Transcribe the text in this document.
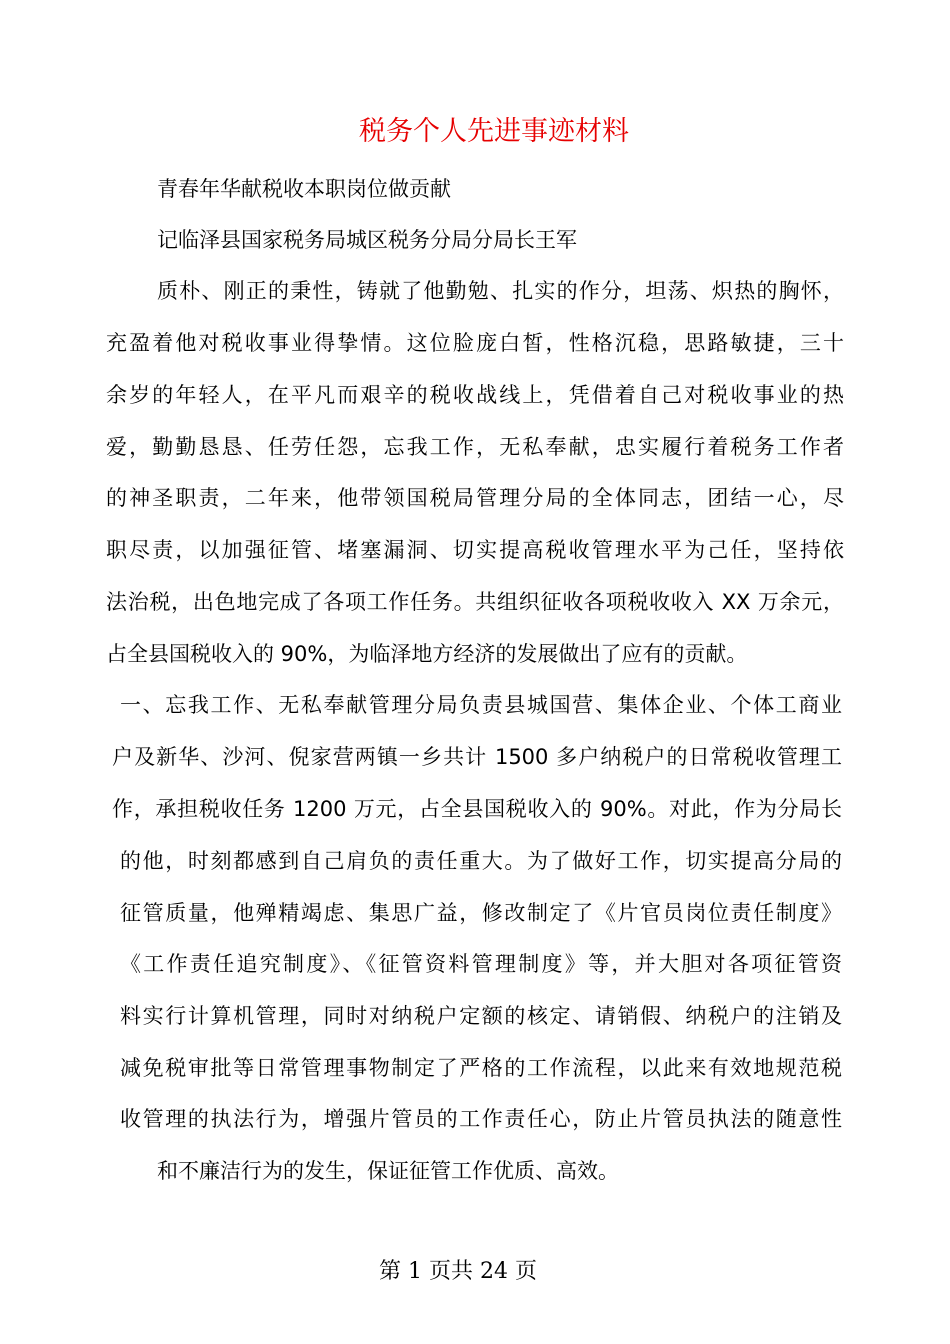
税务个人先进事迹材料
青春年华献税收本职岗位做贡献
记临泽县国家税务局城区税务分局分局长王军
质朴、刚正的秉性，铸就了他勤勉、扎实的作分，坦荡、炽热的胸怀，
充盈着他对税收事业得挚情。这位脸庞白皙，性格沉稳，思路敏捷，三十
余岁的年轻人，在平凡而艰辛的税收战线上，凭借着自己对税收事业的热
爱，勤勤恳恳、任劳任怨，忘我工作，无私奉献，忠实履行着税务工作者
的神圣职责，二年来，他带领国税局管理分局的全体同志，团结一心，尽
职尽责，以加强征管、堵塞漏洞、切实提高税收管理水平为己任，坚持依
法治税，出色地完成了各项工作任务。共组织征收各项税收收入 XX 万余元，
占全县国税收入的 90%，为临泽地方经济的发展做出了应有的贡献。
一、忘我工作、无私奉献管理分局负责县城国营、集体企业、个体工商业
户及新华、沙河、倪家营两镇一乡共计 1500 多户纳税户的日常税收管理工
作，承担税收任务 1200 万元，占全县国税收入的 90%。对此，作为分局长
的他，时刻都感到自己肩负的责任重大。为了做好工作，切实提高分局的
征管质量，他殚精竭虑、集思广益，修改制定了《片官员岗位责任制度》
《工作责任追究制度》、《征管资料管理制度》等，并大胆对各项征管资
料实行计算机管理，同时对纳税户定额的核定、请销假、纳税户的注销及
减免税审批等日常管理事物制定了严格的工作流程，以此来有效地规范税
收管理的执法行为，增强片管员的工作责任心，防止片管员执法的随意性
和不廉洁行为的发生，保证征管工作优质、高效。
第 1 页共 24 页
